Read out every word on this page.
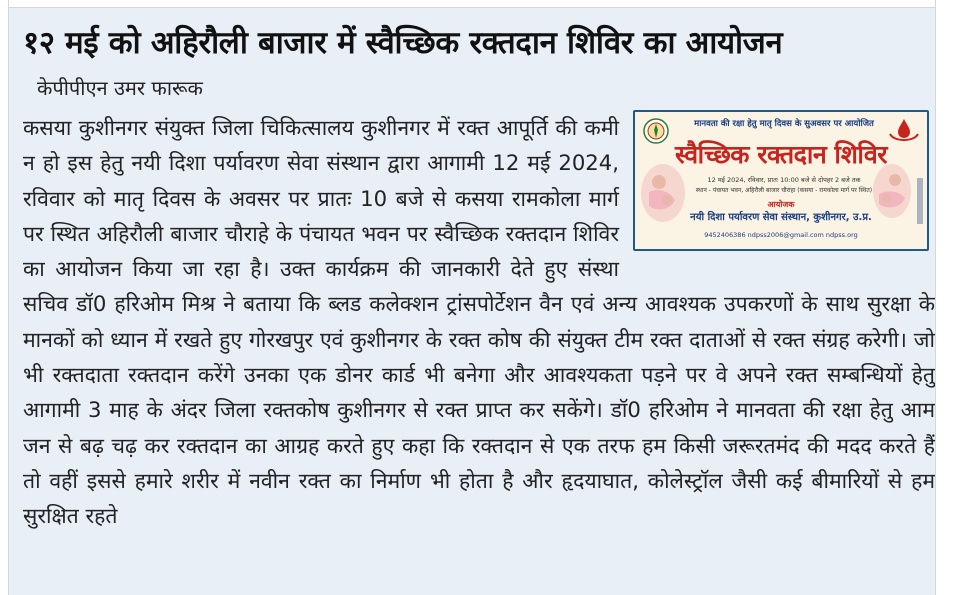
१२ मई को अहिरौली बाजार में स्वैच्छिक रक्तदान शिविर का आयोजन
केपीपीएन उमर फारूक
मानवता की रक्षा हेतु मातृ दिवस के सुअवसर पर आयोजित
स्वैच्छिक रक्तदान शिविर
12 मई 2024, रविवार, प्रातः 10:00 बजे से दोपहर 2 बजे तक
स्थान - पंचायत भवन, अहिरौली बाजार चौराहा (कसया - रामकोला मार्ग पर स्थित)
आयोजक
नयी दिशा पर्यावरण सेवा संस्थान, कुशीनगर, उ.प्र.
9452406386 ndpss2006@gmail.com ndpss.org
कसया कुशीनगर संयुक्त जिला चिकित्सालय कुशीनगर में रक्त आपूर्ति की कमी न हो इस हेतु नयी दिशा पर्यावरण सेवा संस्थान द्वारा आगामी 12 मई 2024, रविवार को मातृ दिवस के अवसर पर प्रातः 10 बजे से कसया रामकोला मार्ग पर स्थित अहिरौली बाजार चौराहे के पंचायत भवन पर स्वैच्छिक रक्तदान शिविर का आयोजन किया जा रहा है। उक्त कार्यक्रम की जानकारी देते हुए संस्था सचिव डॉ0 हरिओम मिश्र ने बताया कि ब्लड कलेक्शन ट्रांसपोर्टेशन वैन एवं अन्य आवश्यक उपकरणों के साथ सुरक्षा के मानकों को ध्यान में रखते हुए गोरखपुर एवं कुशीनगर के रक्त कोष की संयुक्त टीम रक्त दाताओं से रक्त संग्रह करेगी। जो भी रक्तदाता रक्तदान करेंगे उनका एक डोनर कार्ड भी बनेगा और आवश्यकता पड़ने पर वे अपने रक्त सम्बन्धियों हेतु आगामी 3 माह के अंदर जिला रक्तकोष कुशीनगर से रक्त प्राप्त कर सकेंगे। डॉ0 हरिओम ने मानवता की रक्षा हेतु आम जन से बढ़ चढ़ कर रक्तदान का आग्रह करते हुए कहा कि रक्तदान से एक तरफ हम किसी जरूरतमंद की मदद करते हैं तो वहीं इससे हमारे शरीर में नवीन रक्त का निर्माण भी होता है और हृदयाघात, कोलेस्ट्रॉल जैसी कई बीमारियों से हम सुरक्षित रहते
